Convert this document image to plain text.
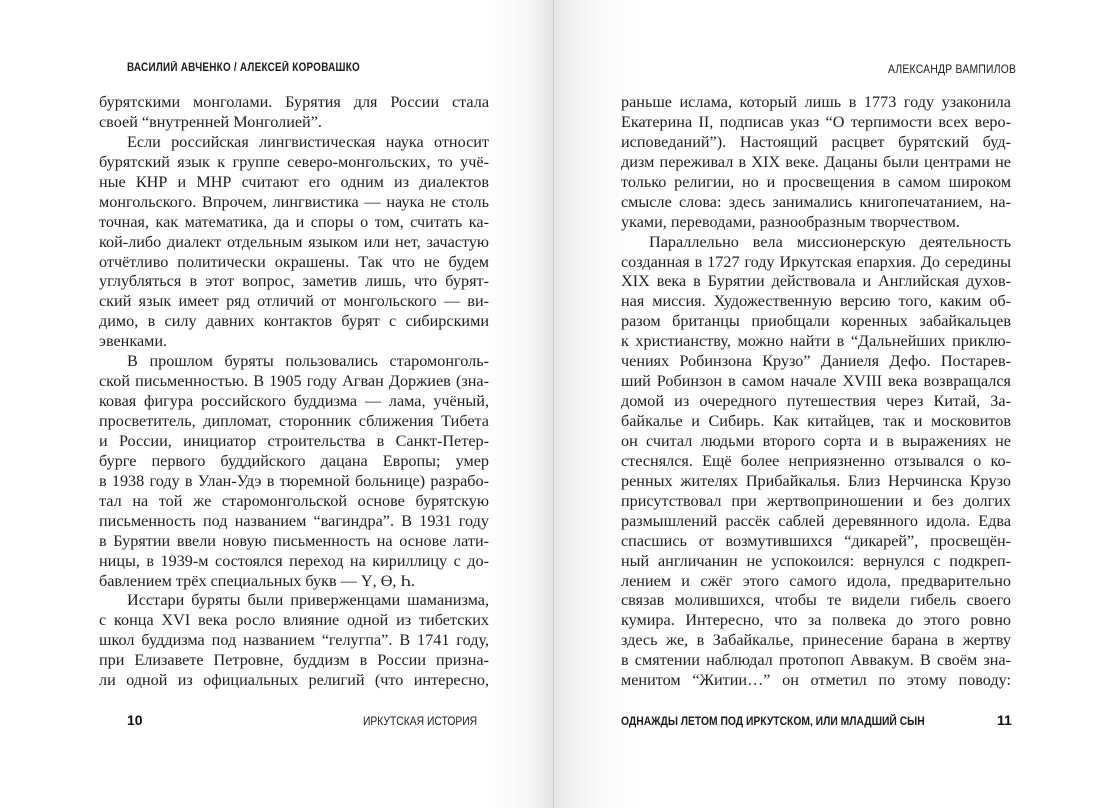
ВАСИЛИЙ АВЧЕНКО / АЛЕКСЕЙ КОРОВАШКО
бурятскими монголами. Бурятия для России стала
своей “внутренней Монголией”.
Если российская лингвистическая наука относит
бурятский язык к группе северо-монгольских, то учё-
ные КНР и МНР считают его одним из диалектов
монгольского. Впрочем, лингвистика — наука не столь
точная, как математика, да и споры о том, считать ка-
кой-либо диалект отдельным языком или нет, зачастую
отчётливо политически окрашены. Так что не будем
углубляться в этот вопрос, заметив лишь, что бурят-
ский язык имеет ряд отличий от монгольского — ви-
димо, в силу давних контактов бурят с сибирскими
эвенками.
В прошлом буряты пользовались старомонголь-
ской письменностью. В 1905 году Агван Доржиев (зна-
ковая фигура российского буддизма — лама, учёный,
просветитель, дипломат, сторонник сближения Тибета
и России, инициатор строительства в Санкт-Петер-
бурге первого буддийского дацана Европы; умер
в 1938 году в Улан-Удэ в тюремной больнице) разрабо-
тал на той же старомонгольской основе бурятскую
письменность под названием “вагиндра”. В 1931 году
в Бурятии ввели новую письменность на основе лати-
ницы, в 1939-м состоялся переход на кириллицу с до-
бавлением трёх специальных букв — Ү, Ө, Һ.
Исстари буряты были приверженцами шаманизма,
с конца XVI века росло влияние одной из тибетских
школ буддизма под названием “гелугпа”. В 1741 году,
при Елизавете Петровне, буддизм в России призна-
ли одной из официальных религий (что интересно,
10	ИРКУТСКАЯ ИСТОРИЯ
АЛЕКСАНДР ВАМПИЛОВ
раньше ислама, который лишь в 1773 году узаконила
Екатерина II, подписав указ “О терпимости всех веро-
исповеданий”). Настоящий расцвет бурятский буд-
дизм переживал в XIX веке. Дацаны были центрами не
только религии, но и просвещения в самом широком
смысле слова: здесь занимались книгопечатанием, на-
уками, переводами, разнообразным творчеством.
Параллельно вела миссионерскую деятельность
созданная в 1727 году Иркутская епархия. До середины
XIX века в Бурятии действовала и Английская духов-
ная миссия. Художественную версию того, каким об-
разом британцы приобщали коренных забайкальцев
к христианству, можно найти в “Дальнейших приклю-
чениях Робинзона Крузо” Даниеля Дефо. Постарев-
ший Робинзон в самом начале XVIII века возвращался
домой из очередного путешествия через Китай, За-
байкалье и Сибирь. Как китайцев, так и московитов
он считал людьми второго сорта и в выражениях не
стеснялся. Ещё более неприязненно отзывался о ко-
ренных жителях Прибайкалья. Близ Нерчинска Крузо
присутствовал при жертвоприношении и без долгих
размышлений рассёк саблей деревянного идола. Едва
спасшись от возмутившихся “дикарей”, просвещён-
ный англичанин не успокоился: вернулся с подкреп-
лением и сжёг этого самого идола, предварительно
связав молившихся, чтобы те видели гибель своего
кумира. Интересно, что за полвека до этого ровно
здесь же, в Забайкалье, принесение барана в жертву
в смятении наблюдал протопоп Аввакум. В своём зна-
менитом “Житии…” он отметил по этому поводу:
ОДНАЖДЫ ЛЕТОМ ПОД ИРКУТСКОМ, ИЛИ МЛАДШИЙ СЫН	11
